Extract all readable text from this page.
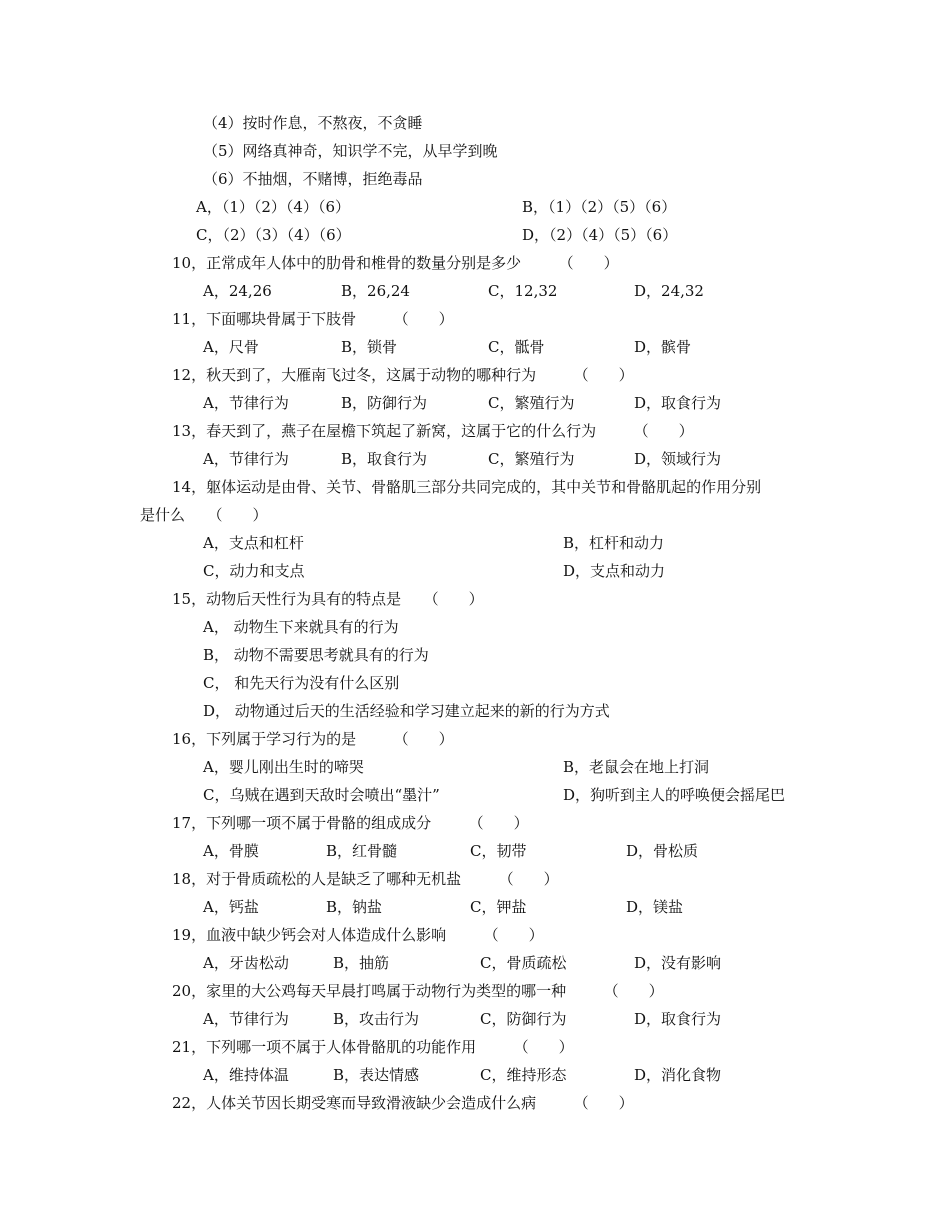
（4）按时作息，不熬夜，不贪睡
（5）网络真神奇，知识学不完，从早学到晚
（6）不抽烟，不赌博，拒绝毒品
A，（1）（2）（4）（6）	B，（1）（2）（5）（6）
C，（2）（3）（4）（6）	D，（2）（4）（5）（6）
10，正常成年人体中的肋骨和椎骨的数量分别是多少　　　（　　）
A，24,26	B，26,24	C，12,32	D，24,32
11，下面哪块骨属于下肢骨　　　（　　）
A，尺骨	B，锁骨	C，骶骨	D，髌骨
12，秋天到了，大雁南飞过冬，这属于动物的哪种行为　　　（　　）
A，节律行为	B，防御行为	C，繁殖行为	D，取食行为
13，春天到了，燕子在屋檐下筑起了新窝，这属于它的什么行为　　　（　　）
A，节律行为	B，取食行为	C，繁殖行为	D，领域行为
14，躯体运动是由骨、关节、骨骼肌三部分共同完成的，其中关节和骨骼肌起的作用分别
是什么　　（　　）
A，支点和杠杆	B，杠杆和动力
C，动力和支点	D，支点和动力
15，动物后天性行为具有的特点是　　（　　）
A， 动物生下来就具有的行为
B， 动物不需要思考就具有的行为
C， 和先天行为没有什么区别
D， 动物通过后天的生活经验和学习建立起来的新的行为方式
16，下列属于学习行为的是　　　（　　）
A，婴儿刚出生时的啼哭	B，老鼠会在地上打洞
C，乌贼在遇到天敌时会喷出“墨汁”	D，狗听到主人的呼唤便会摇尾巴
17，下列哪一项不属于骨骼的组成成分　　　（　　）
A，骨膜	B，红骨髓	C，韧带	D，骨松质
18，对于骨质疏松的人是缺乏了哪种无机盐　　　（　　）
A，钙盐	B，钠盐	C，钾盐	D，镁盐
19，血液中缺少钙会对人体造成什么影响　　　（　　）
A，牙齿松动	B，抽筋	C，骨质疏松	D，没有影响
20，家里的大公鸡每天早晨打鸣属于动物行为类型的哪一种　　　（　　）
A，节律行为	B，攻击行为	C，防御行为	D，取食行为
21，下列哪一项不属于人体骨骼肌的功能作用　　　（　　）
A，维持体温	B，表达情感	C，维持形态	D，消化食物
22，人体关节因长期受寒而导致滑液缺少会造成什么病　　　（　　）
